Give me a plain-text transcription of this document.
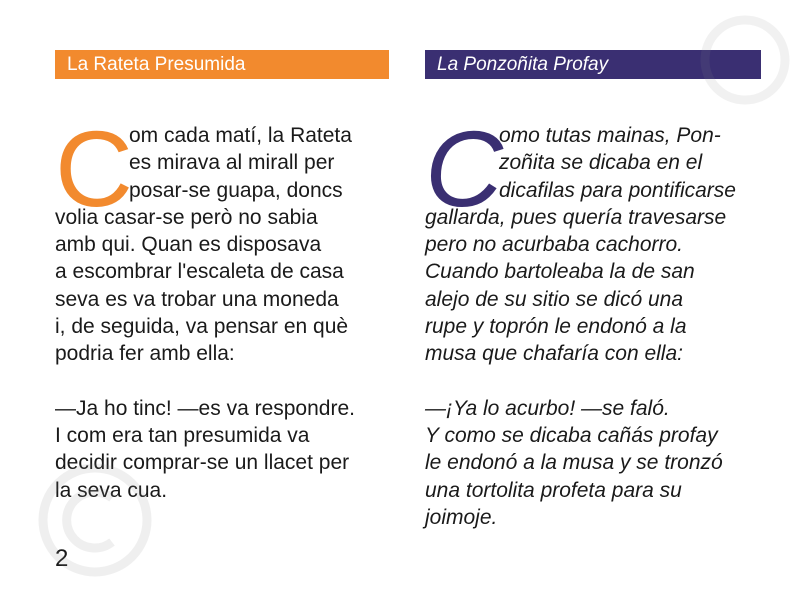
La Rateta Presumida
C
om cada matí, la Rateta
es mirava al mirall per
posar-se guapa, doncs
volia casar-se però no sabia
amb qui. Quan es disposava
a escombrar l'escaleta de casa
seva es va trobar una moneda
i, de seguida, va pensar en què
podria fer amb ella:
—Ja ho tinc! —es va respondre.
I com era tan presumida va
decidir comprar-se un llacet per
la seva cua.
La Ponzoñita Profay
C
omo tutas mainas, Pon-
zoñita se dicaba en el
dicafilas para pontificarse
gallarda, pues quería travesarse
pero no acurbaba cachorro.
Cuando bartoleaba la de san
alejo de su sitio se dicó una
rupe y toprón le endonó a la
musa que chafaría con ella:
—¡Ya lo acurbo! —se faló.
Y como se dicaba cañás profay
le endonó a la musa y se tronzó
una tortolita profeta para su
joimoje.
2
